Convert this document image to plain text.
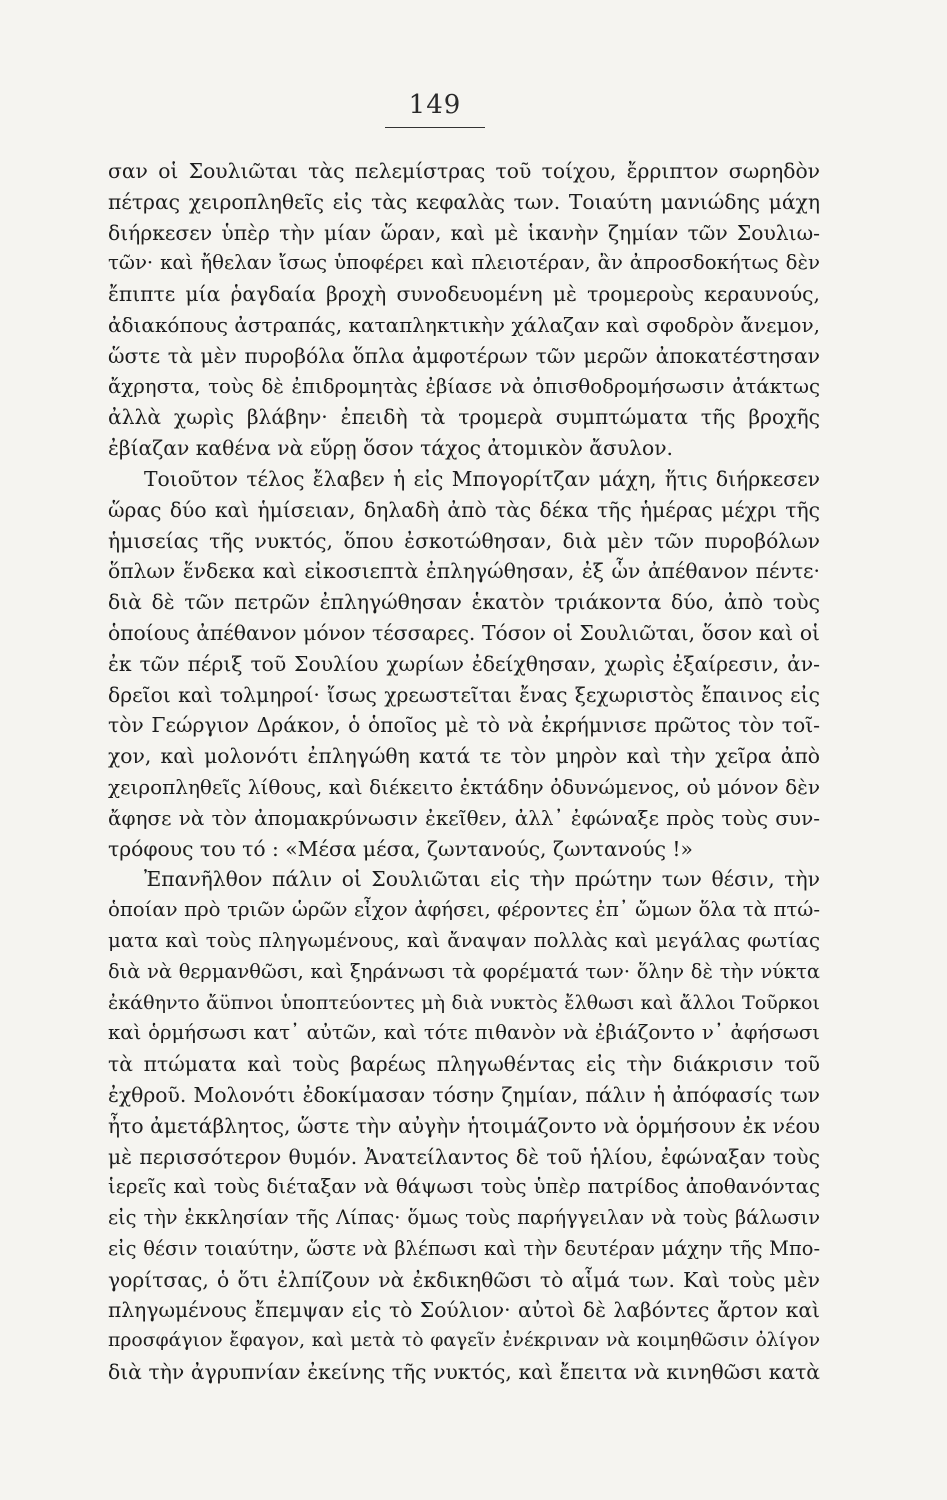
149
σαν οἱ Σουλιῶται τὰς πελεμίστρας τοῦ τοίχου, ἔρριπτον σωρηδὸν
πέτρας χειροπληθεῖς εἰς τὰς κεφαλὰς των. Τοιαύτη μανιώδης μάχη
διήρκεσεν ὑπὲρ τὴν μίαν ὥραν, καὶ μὲ ἱκανὴν ζημίαν τῶν Σουλιω-
τῶν· καὶ ἤθελαν ἴσως ὑποφέρει καὶ πλειοτέραν, ἂν ἀπροσδοκήτως δὲν
ἔπιπτε μία ῥαγδαία βροχὴ συνοδευομένη μὲ τρομεροὺς κεραυνούς,
ἀδιακόπους ἀστραπάς, καταπληκτικὴν χάλαζαν καὶ σφοδρὸν ἄνεμον,
ὥστε τὰ μὲν πυροβόλα ὅπλα ἀμφοτέρων τῶν μερῶν ἀποκατέστησαν
ἄχρηστα, τοὺς δὲ ἐπιδρομητὰς ἐβίασε νὰ ὀπισθοδρομήσωσιν ἀτάκτως
ἀλλὰ χωρὶς βλάβην· ἐπειδὴ τὰ τρομερὰ συμπτώματα τῆς βροχῆς
ἐβίαζαν καθένα νὰ εὕρῃ ὅσον τάχος ἀτομικὸν ἄσυλον.
Τοιοῦτον τέλος ἔλαβεν ἡ εἰς Μπογορίτζαν μάχη, ἥτις διήρκεσεν
ὥρας δύο καὶ ἡμίσειαν, δηλαδὴ ἀπὸ τὰς δέκα τῆς ἡμέρας μέχρι τῆς
ἡμισείας τῆς νυκτός, ὅπου ἐσκοτώθησαν, διὰ μὲν τῶν πυροβόλων
ὅπλων ἕνδεκα καὶ εἰκοσιεπτὰ ἐπληγώθησαν, ἐξ ὧν ἀπέθανον πέντε·
διὰ δὲ τῶν πετρῶν ἐπληγώθησαν ἑκατὸν τριάκοντα δύο, ἀπὸ τοὺς
ὁποίους ἀπέθανον μόνον τέσσαρες. Τόσον οἱ Σουλιῶται, ὅσον καὶ οἱ
ἐκ τῶν πέριξ τοῦ Σουλίου χωρίων ἐδείχθησαν, χωρὶς ἐξαίρεσιν, ἀν-
δρεῖοι καὶ τολμηροί· ἴσως χρεωστεῖται ἔνας ξεχωριστὸς ἔπαινος εἰς
τὸν Γεώργιον Δράκον, ὁ ὁποῖος μὲ τὸ νὰ ἐκρήμνισε πρῶτος τὸν τοῖ-
χον, καὶ μολονότι ἐπληγώθη κατά τε τὸν μηρὸν καὶ τὴν χεῖρα ἀπὸ
χειροπληθεῖς λίθους, καὶ διέκειτο ἐκτάδην ὀδυνώμενος, οὐ μόνον δὲν
ἄφησε νὰ τὸν ἀπομακρύνωσιν ἐκεῖθεν, ἀλλ᾽ ἐφώναξε πρὸς τοὺς συν-
τρόφους του τό : «Μέσα μέσα, ζωντανούς, ζωντανούς !»
Ἐπανῆλθον πάλιν οἱ Σουλιῶται εἰς τὴν πρώτην των θέσιν, τὴν
ὁποίαν πρὸ τριῶν ὡρῶν εἶχον ἀφήσει, φέροντες ἐπ᾽ ὤμων ὅλα τὰ πτώ-
ματα καὶ τοὺς πληγωμένους, καὶ ἄναψαν πολλὰς καὶ μεγάλας φωτίας
διὰ νὰ θερμανθῶσι, καὶ ξηράνωσι τὰ φορέματά των· ὅλην δὲ τὴν νύκτα
ἐκάθηντο ἄϋπνοι ὑποπτεύοντες μὴ διὰ νυκτὸς ἔλθωσι καὶ ἄλλοι Τοῦρκοι
καὶ ὁρμήσωσι κατ᾽ αὐτῶν, καὶ τότε πιθανὸν νὰ ἐβιάζοντο ν᾽ ἀφήσωσι
τὰ πτώματα καὶ τοὺς βαρέως πληγωθέντας εἰς τὴν διάκρισιν τοῦ
ἐχθροῦ. Μολονότι ἐδοκίμασαν τόσην ζημίαν, πάλιν ἡ ἀπόφασίς των
ἦτο ἀμετάβλητος, ὥστε τὴν αὐγὴν ἡτοιμάζοντο νὰ ὁρμήσουν ἐκ νέου
μὲ περισσότερον θυμόν. Ἀνατείλαντος δὲ τοῦ ἡλίου, ἐφώναξαν τοὺς
ἱερεῖς καὶ τοὺς διέταξαν νὰ θάψωσι τοὺς ὑπὲρ πατρίδος ἀποθανόντας
εἰς τὴν ἐκκλησίαν τῆς Λίπας· ὅμως τοὺς παρήγγειλαν νὰ τοὺς βάλωσιν
εἰς θέσιν τοιαύτην, ὥστε νὰ βλέπωσι καὶ τὴν δευτέραν μάχην τῆς Μπο-
γορίτσας, ὁ ὅτι ἐλπίζουν νὰ ἐκδικηθῶσι τὸ αἷμά των. Καὶ τοὺς μὲν
πληγωμένους ἔπεμψαν εἰς τὸ Σούλιον· αὐτοὶ δὲ λαβόντες ἄρτον καὶ
προσφάγιον ἔφαγον, καὶ μετὰ τὸ φαγεῖν ἐνέκριναν νὰ κοιμηθῶσιν ὀλίγον
διὰ τὴν ἀγρυπνίαν ἐκείνης τῆς νυκτός, καὶ ἔπειτα νὰ κινηθῶσι κατὰ
